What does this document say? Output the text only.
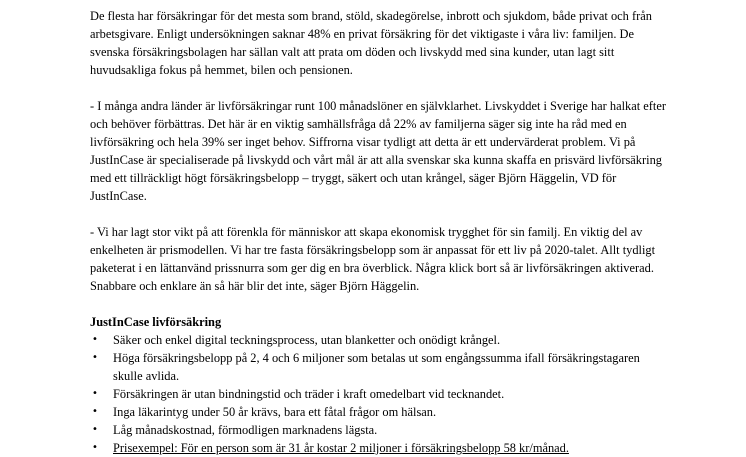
De flesta har försäkringar för det mesta som brand, stöld, skadegörelse, inbrott och sjukdom, både privat och från arbetsgivare. Enligt undersökningen saknar 48% en privat försäkring för det viktigaste i våra liv: familjen. De svenska försäkringsbolagen har sällan valt att prata om döden och livskydd med sina kunder, utan lagt sitt huvudsakliga fokus på hemmet, bilen och pensionen.

- I många andra länder är livförsäkringar runt 100 månadslöner en självklarhet. Livskyddet i Sverige har halkat efter och behöver förbättras. Det här är en viktig samhällsfråga då 22% av familjerna säger sig inte ha råd med en livförsäkring och hela 39% ser inget behov. Siffrorna visar tydligt att detta är ett undervärderat problem. Vi på JustInCase är specialiserade på livskydd och vårt mål är att alla svenskar ska kunna skaffa en prisvärd livförsäkring med ett tillräckligt högt försäkringsbelopp – tryggt, säkert och utan krångel, säger Björn Häggelin, VD för JustInCase.

- Vi har lagt stor vikt på att förenkla för människor att skapa ekonomisk trygghet för sin familj. En viktig del av enkelheten är prismodellen. Vi har tre fasta försäkringsbelopp som är anpassat för ett liv på 2020-talet. Allt tydligt paketerat i en lättanvänd prissnurra som ger dig en bra överblick. Några klick bort så är livförsäkringen aktiverad. Snabbare och enklare än så här blir det inte, säger Björn Häggelin.

JustInCase livförsäkring
• Säker och enkel digital teckningsprocess, utan blanketter och onödigt krångel.
• Höga försäkringsbelopp på 2, 4 och 6 miljoner som betalas ut som engångssumma ifall försäkringstagaren skulle avlida.
• Försäkringen är utan bindningstid och träder i kraft omedelbart vid tecknandet.
• Inga läkarintyg under 50 år krävs, bara ett fåtal frågor om hälsan.
• Låg månadskostnad, förmodligen marknadens lägsta.
• Prisexempel: För en person som är 31 år kostar 2 miljoner i försäkringsbelopp 58 kr/månad.
